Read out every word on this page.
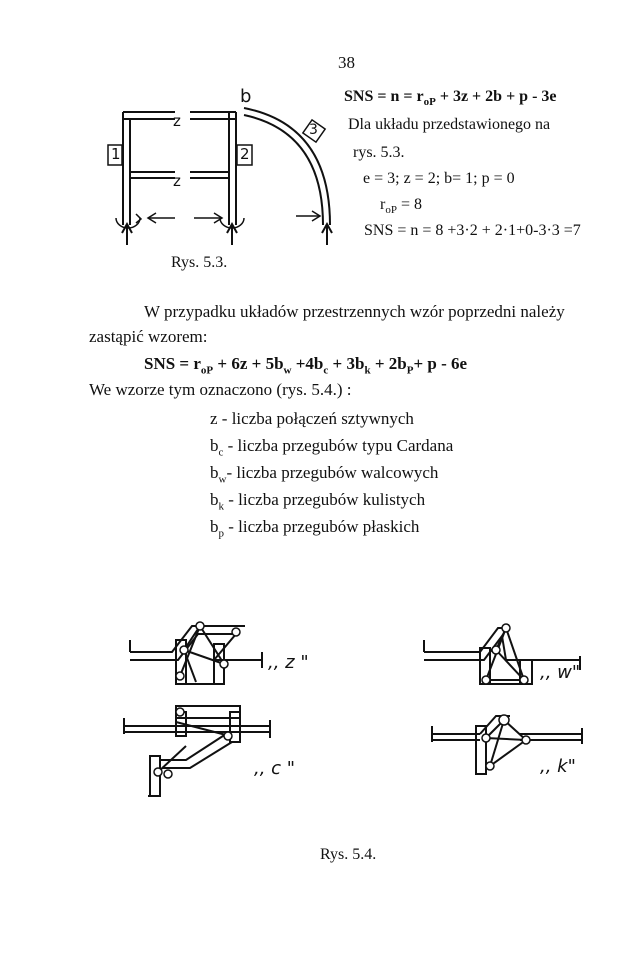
38
b
z
z
1	2
3
Rys. 5.3.
SNS = $n = r_{oP} + 3z + 2b + p - 3e$
Dla układu przedstawionego na
rys. 5.3.
e = 3; z = 2; b= 1; p = 0
$r_{oP} = 8$
SNS = n = 8 +3·2 + 2·1+0-3·3 =7
W przypadku układów przestrzennych wzór poprzedni należy
zastąpić wzorem:
SNS = $r_{oP} + 6z + 5b_w +4b_c + 3b_k + 2b_P+ p - 6e$
We wzorze tym oznaczono (rys. 5.4.) :
z - liczba połączeń sztywnych
$b_c$ - liczba przegubów typu Cardana
$b_w-$ liczba przegubów walcowych
$b_k$ - liczba przegubów kulistych
$b_p$ - liczba przegubów płaskich
,, z "	,, w"
,, c "	,, k"
Rys. 5.4.
